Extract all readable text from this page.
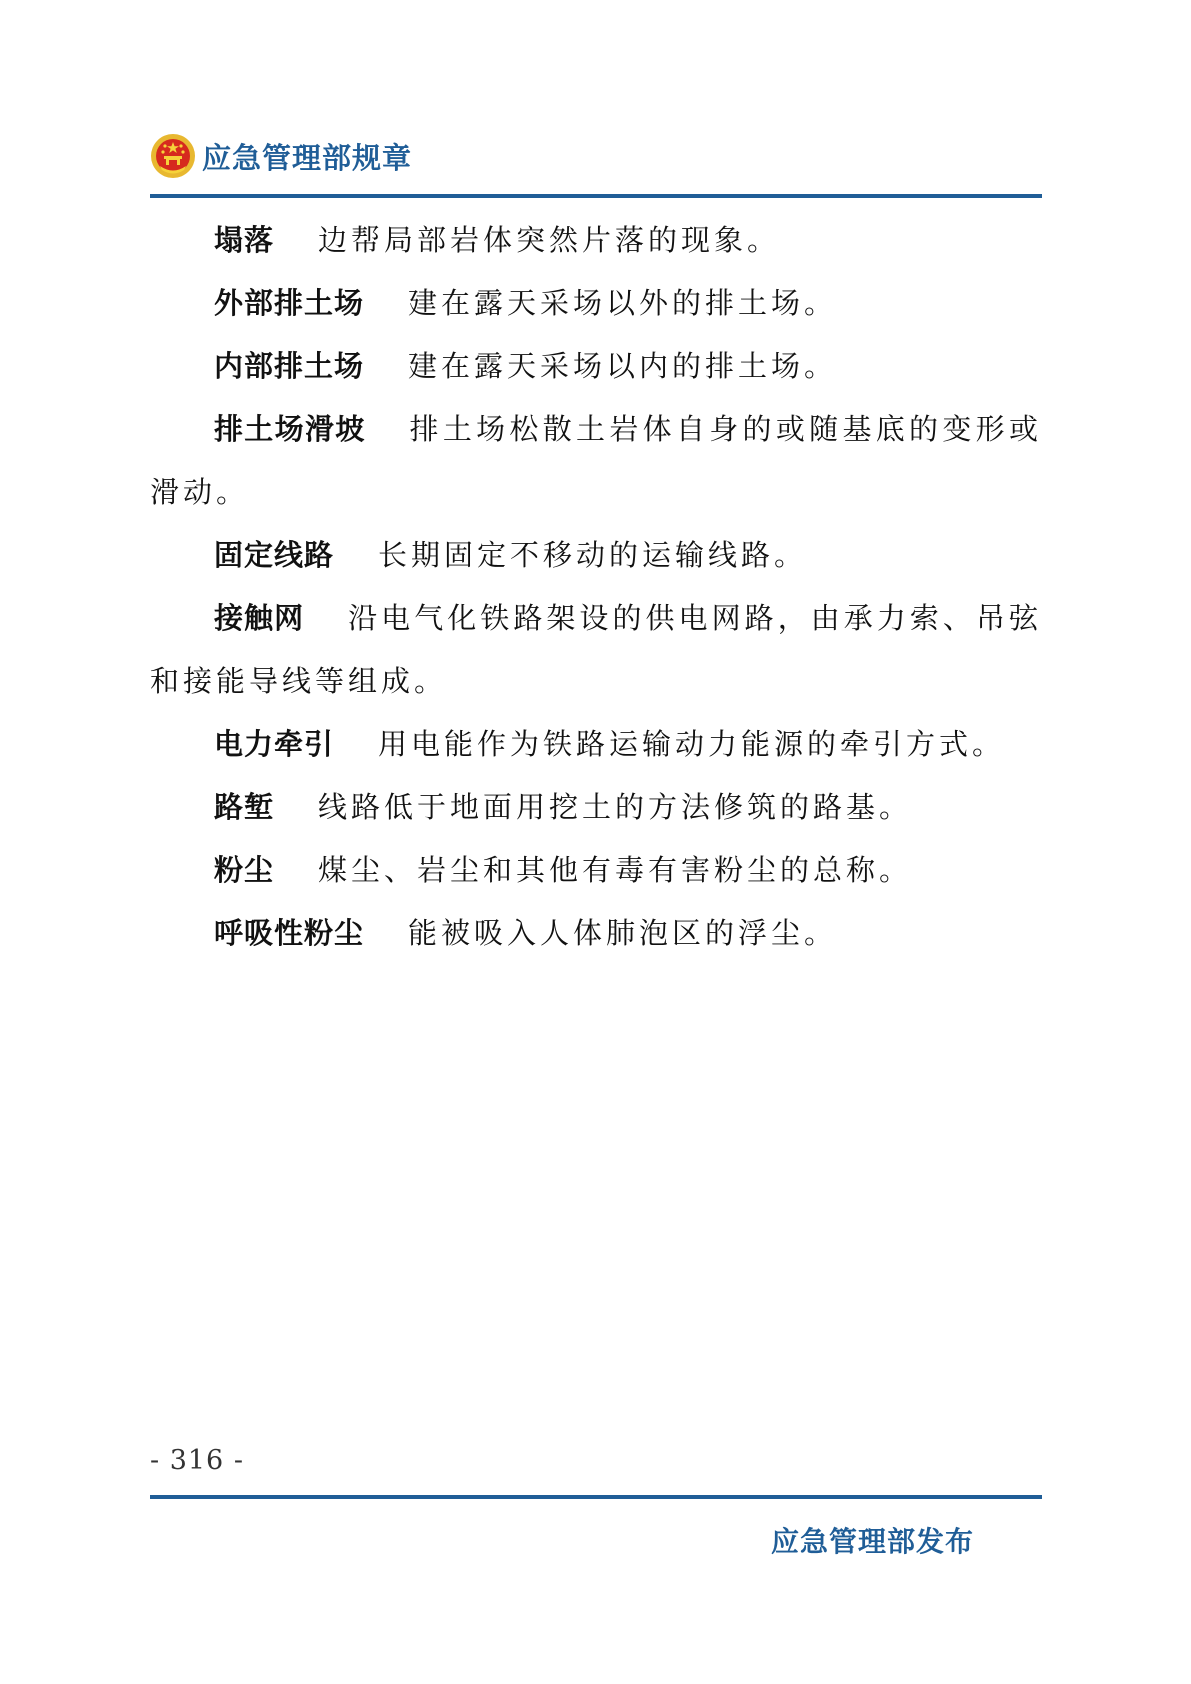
应急管理部规章

塌落 边帮局部岩体突然片落的现象。

外部排土场 建在露天采场以外的排土场。

内部排土场 建在露天采场以内的排土场。

排土场滑坡 排土场松散土岩体自身的或随基底的变形或滑动。

固定线路 长期固定不移动的运输线路。

接触网 沿电气化铁路架设的供电网路，由承力索、吊弦和接能导线等组成。

电力牵引 用电能作为铁路运输动力能源的牵引方式。

路堑 线路低于地面用挖土的方法修筑的路基。

粉尘 煤尘、岩尘和其他有毒有害粉尘的总称。

呼吸性粉尘 能被吸入人体肺泡区的浮尘。

- 316 -
应急管理部发布
